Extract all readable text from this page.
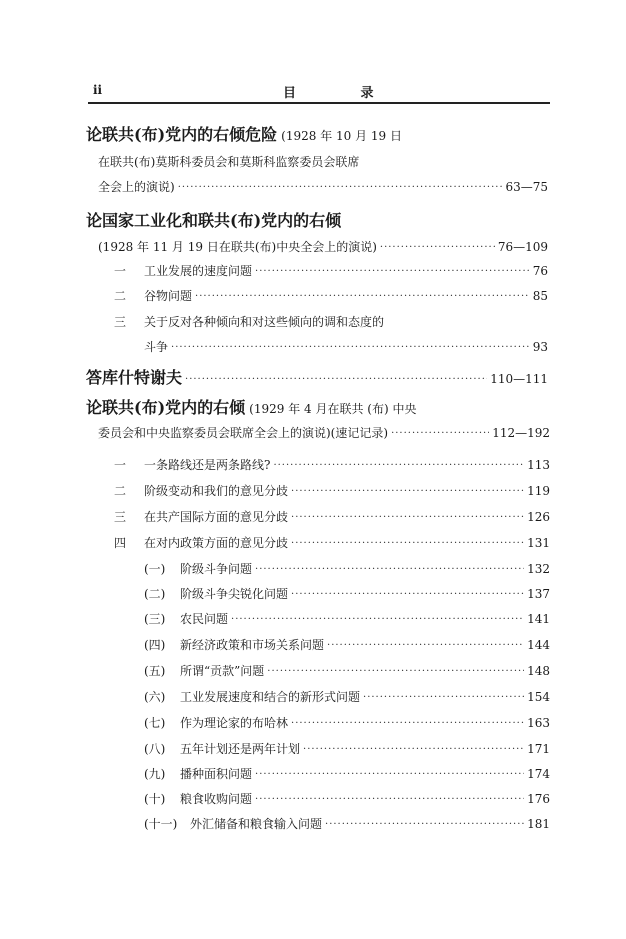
ii	目 录
论联共(布)党内的右倾危险 (1928 年 10 月 19 日
在联共(布)莫斯科委员会和莫斯科监察委员会联席
全会上的演说) ·····	63—75
论国家工业化和联共(布)党内的右倾
(1928 年 11 月 19 日在联共(布)中央全会上的演说) ·····	76—109
一	工业发展的速度问题 ·····	76
二	谷物问题 ·····	85
三	关于反对各种倾向和对这些倾向的调和态度的
斗争 ·····	93
答库什特谢夫 ·····	110—111
论联共(布)党内的右倾 (1929 年 4 月在联共 (布) 中央
委员会和中央监察委员会联席全会上的演说)(速记记录) ·····	112—192
一	一条路线还是两条路线? ·····	113
二	阶级变动和我们的意见分歧 ·····	119
三	在共产国际方面的意见分歧 ·····	126
四	在对内政策方面的意见分歧 ·····	131
(一)	阶级斗争问题 ·····	132
(二)	阶级斗争尖锐化问题 ·····	137
(三)	农民问题 ·····	141
(四)	新经济政策和市场关系问题 ·····	144
(五)	所谓“贡款”问题 ·····	148
(六)	工业发展速度和结合的新形式问题 ·····	154
(七)	作为理论家的布哈林 ·····	163
(八)	五年计划还是两年计划 ·····	171
(九)	播种面积问题 ·····	174
(十)	粮食收购问题 ·····	176
(十一)	外汇储备和粮食输入问题 ·····	181
